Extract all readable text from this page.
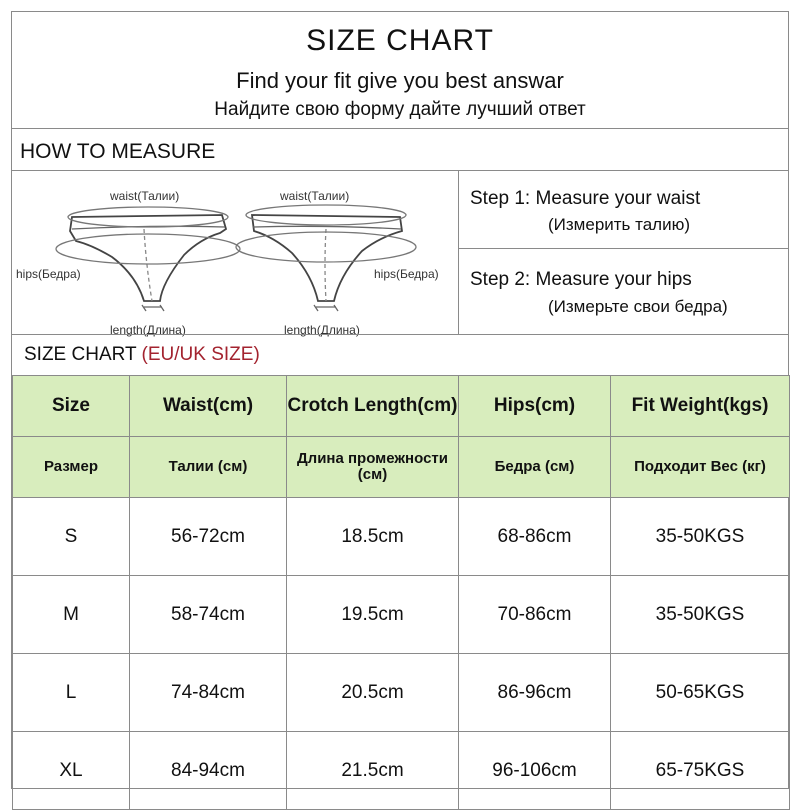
SIZE CHART
Find your fit give you best answar
Найдите свою форму дайте лучший ответ
HOW TO MEASURE
waist(Талии)	waist(Талии)
hips(Бедра)	hips(Бедра)
length(Длина)	length(Длина)
Step 1: Measure your waist
(Измерить талию)
Step 2: Measure your hips
(Измерьте свои бедра)
SIZE CHART (EU/UK SIZE)
Size	Waist(cm)	Crotch Length(cm)	Hips(cm)	Fit Weight(kgs)
Размер	Талии (см)	Длина промежности (см)	Бедра (см)	Подходит Вес (кг)
S	56-72cm	18.5cm	68-86cm	35-50KGS
M	58-74cm	19.5cm	70-86cm	35-50KGS
L	74-84cm	20.5cm	86-96cm	50-65KGS
XL	84-94cm	21.5cm	96-106cm	65-75KGS
